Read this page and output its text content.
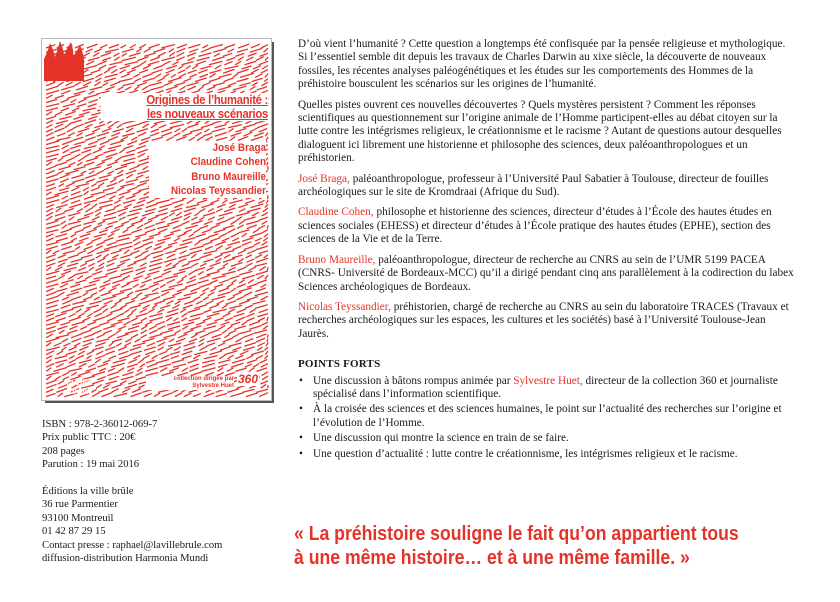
Origines de l’humanité :
les nouveaux scénarios
José Braga
Claudine Cohen
Bruno Maureille
Nicolas Teyssandier
la ville brûle
collection dirigée par
Sylvestre Huet 360
ISBN : 978-2-36012-069-7
Prix public TTC : 20€
208 pages
Parution : 19 mai 2016
Éditions la ville brûle
36 rue Parmentier
93100 Montreuil
01 42 87 29 15
Contact presse : raphael@lavillebrule.com
diffusion-distribution Harmonia Mundi

D’où vient l’humanité ? Cette question a longtemps été confisquée par la pensée religieuse et mythologique. Si l’essentiel semble dit depuis les travaux de Charles Darwin au xixe siècle, la découverte de nouveaux fossiles, les récentes analyses paléogénétiques et les études sur les comportements des Hommes de la préhistoire bousculent les scénarios sur les origines de l’humanité.

Quelles pistes ouvrent ces nouvelles découvertes ? Quels mystères persistent ? Comment les réponses scientifiques au questionnement sur l’origine animale de l’Homme participent-elles au débat citoyen sur la lutte contre les intégrismes religieux, le créationnisme et le racisme ? Autant de questions autour desquelles dialoguent ici librement une historienne et philosophe des sciences, deux paléoanthropologues et un préhistorien.

José Braga, paléoanthropologue, professeur à l’Université Paul Sabatier à Toulouse, directeur de fouilles archéologiques sur le site de Kromdraai (Afrique du Sud).

Claudine Cohen, philosophe et historienne des sciences, directeur d’études à l’École des hautes études en sciences sociales (EHESS) et directeur d’études à l’École pratique des hautes études (EPHE), section des sciences de la Vie et de la Terre.

Bruno Maureille, paléoanthropologue, directeur de recherche au CNRS au sein de l’UMR 5199 PACEA (CNRS- Université de Bordeaux-MCC) qu’il a dirigé pendant cinq ans parallèlement à la codirection du labex Sciences archéologiques de Bordeaux.

Nicolas Teyssandier, préhistorien, chargé de recherche au CNRS au sein du laboratoire TRACES (Travaux et recherches archéologiques sur les espaces, les cultures et les sociétés) basé à l’Université Toulouse-Jean Jaurès.

POINTS FORTS
• Une discussion à bâtons rompus animée par Sylvestre Huet, directeur de la collection 360 et journaliste spécialisé dans l’information scientifique.
• À la croisée des sciences et des sciences humaines, le point sur l’actualité des recherches sur l’origine et l’évolution de l’Homme.
• Une discussion qui montre la science en train de se faire.
• Une question d’actualité : lutte contre le créationnisme, les intégrismes religieux et le racisme.
« La préhistoire souligne le fait qu’on appartient tous
à une même histoire… et à une même famille. »
